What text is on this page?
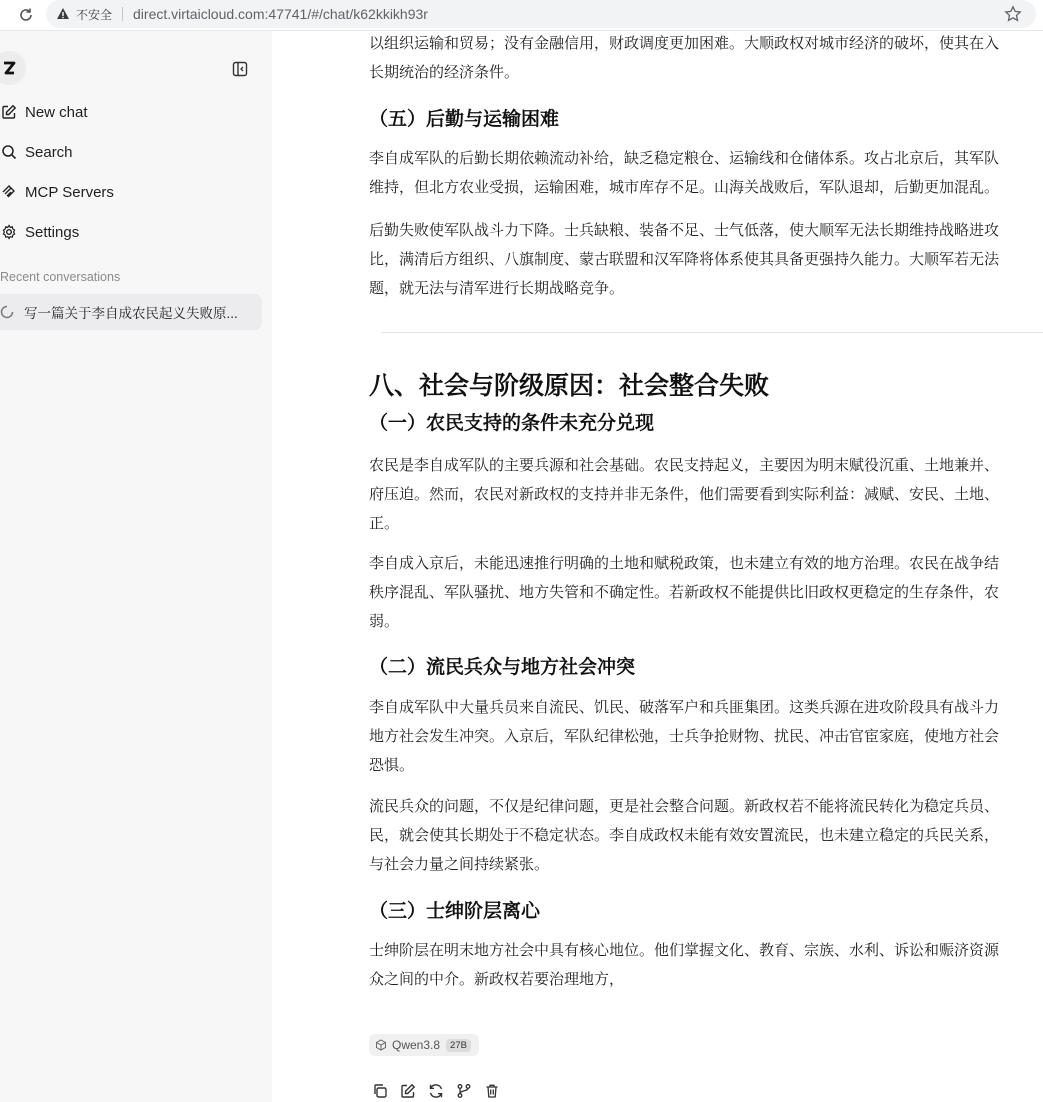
不安全 direct.virtaicloud.com:47741/#/chat/k62kkikh93r
New chat
Search
MCP Servers
Settings
Recent conversations
写一篇关于李自成农民起义失败原...
以组织运输和贸易；没有金融信用，财政调度更加困难。大顺政权对城市经济的破坏，使其在入
长期统治的经济条件。
（五）后勤与运输困难
李自成军队的后勤长期依赖流动补给，缺乏稳定粮仓、运输线和仓储体系。攻占北京后，其军队
维持，但北方农业受损，运输困难，城市库存不足。山海关战败后，军队退却，后勤更加混乱。
后勤失败使军队战斗力下降。士兵缺粮、装备不足、士气低落，使大顺军无法长期维持战略进攻
比，满清后方组织、八旗制度、蒙古联盟和汉军降将体系使其具备更强持久能力。大顺军若无法
题，就无法与清军进行长期战略竞争。
八、社会与阶级原因：社会整合失败
（一）农民支持的条件未充分兑现
农民是李自成军队的主要兵源和社会基础。农民支持起义，主要因为明末赋役沉重、土地兼并、
府压迫。然而，农民对新政权的支持并非无条件，他们需要看到实际利益：减赋、安民、土地、
正。
李自成入京后，未能迅速推行明确的土地和赋税政策，也未建立有效的地方治理。农民在战争结
秩序混乱、军队骚扰、地方失管和不确定性。若新政权不能提供比旧政权更稳定的生存条件，农
弱。
（二）流民兵众与地方社会冲突
李自成军队中大量兵员来自流民、饥民、破落军户和兵匪集团。这类兵源在进攻阶段具有战斗力
地方社会发生冲突。入京后，军队纪律松弛，士兵争抢财物、扰民、冲击官宦家庭，使地方社会
恐惧。
流民兵众的问题，不仅是纪律问题，更是社会整合问题。新政权若不能将流民转化为稳定兵员、
民，就会使其长期处于不稳定状态。李自成政权未能有效安置流民，也未建立稳定的兵民关系，
与社会力量之间持续紧张。
（三）士绅阶层离心
士绅阶层在明末地方社会中具有核心地位。他们掌握文化、教育、宗族、水利、诉讼和赈济资源
众之间的中介。新政权若要治理地方，
Qwen3.8	27B
